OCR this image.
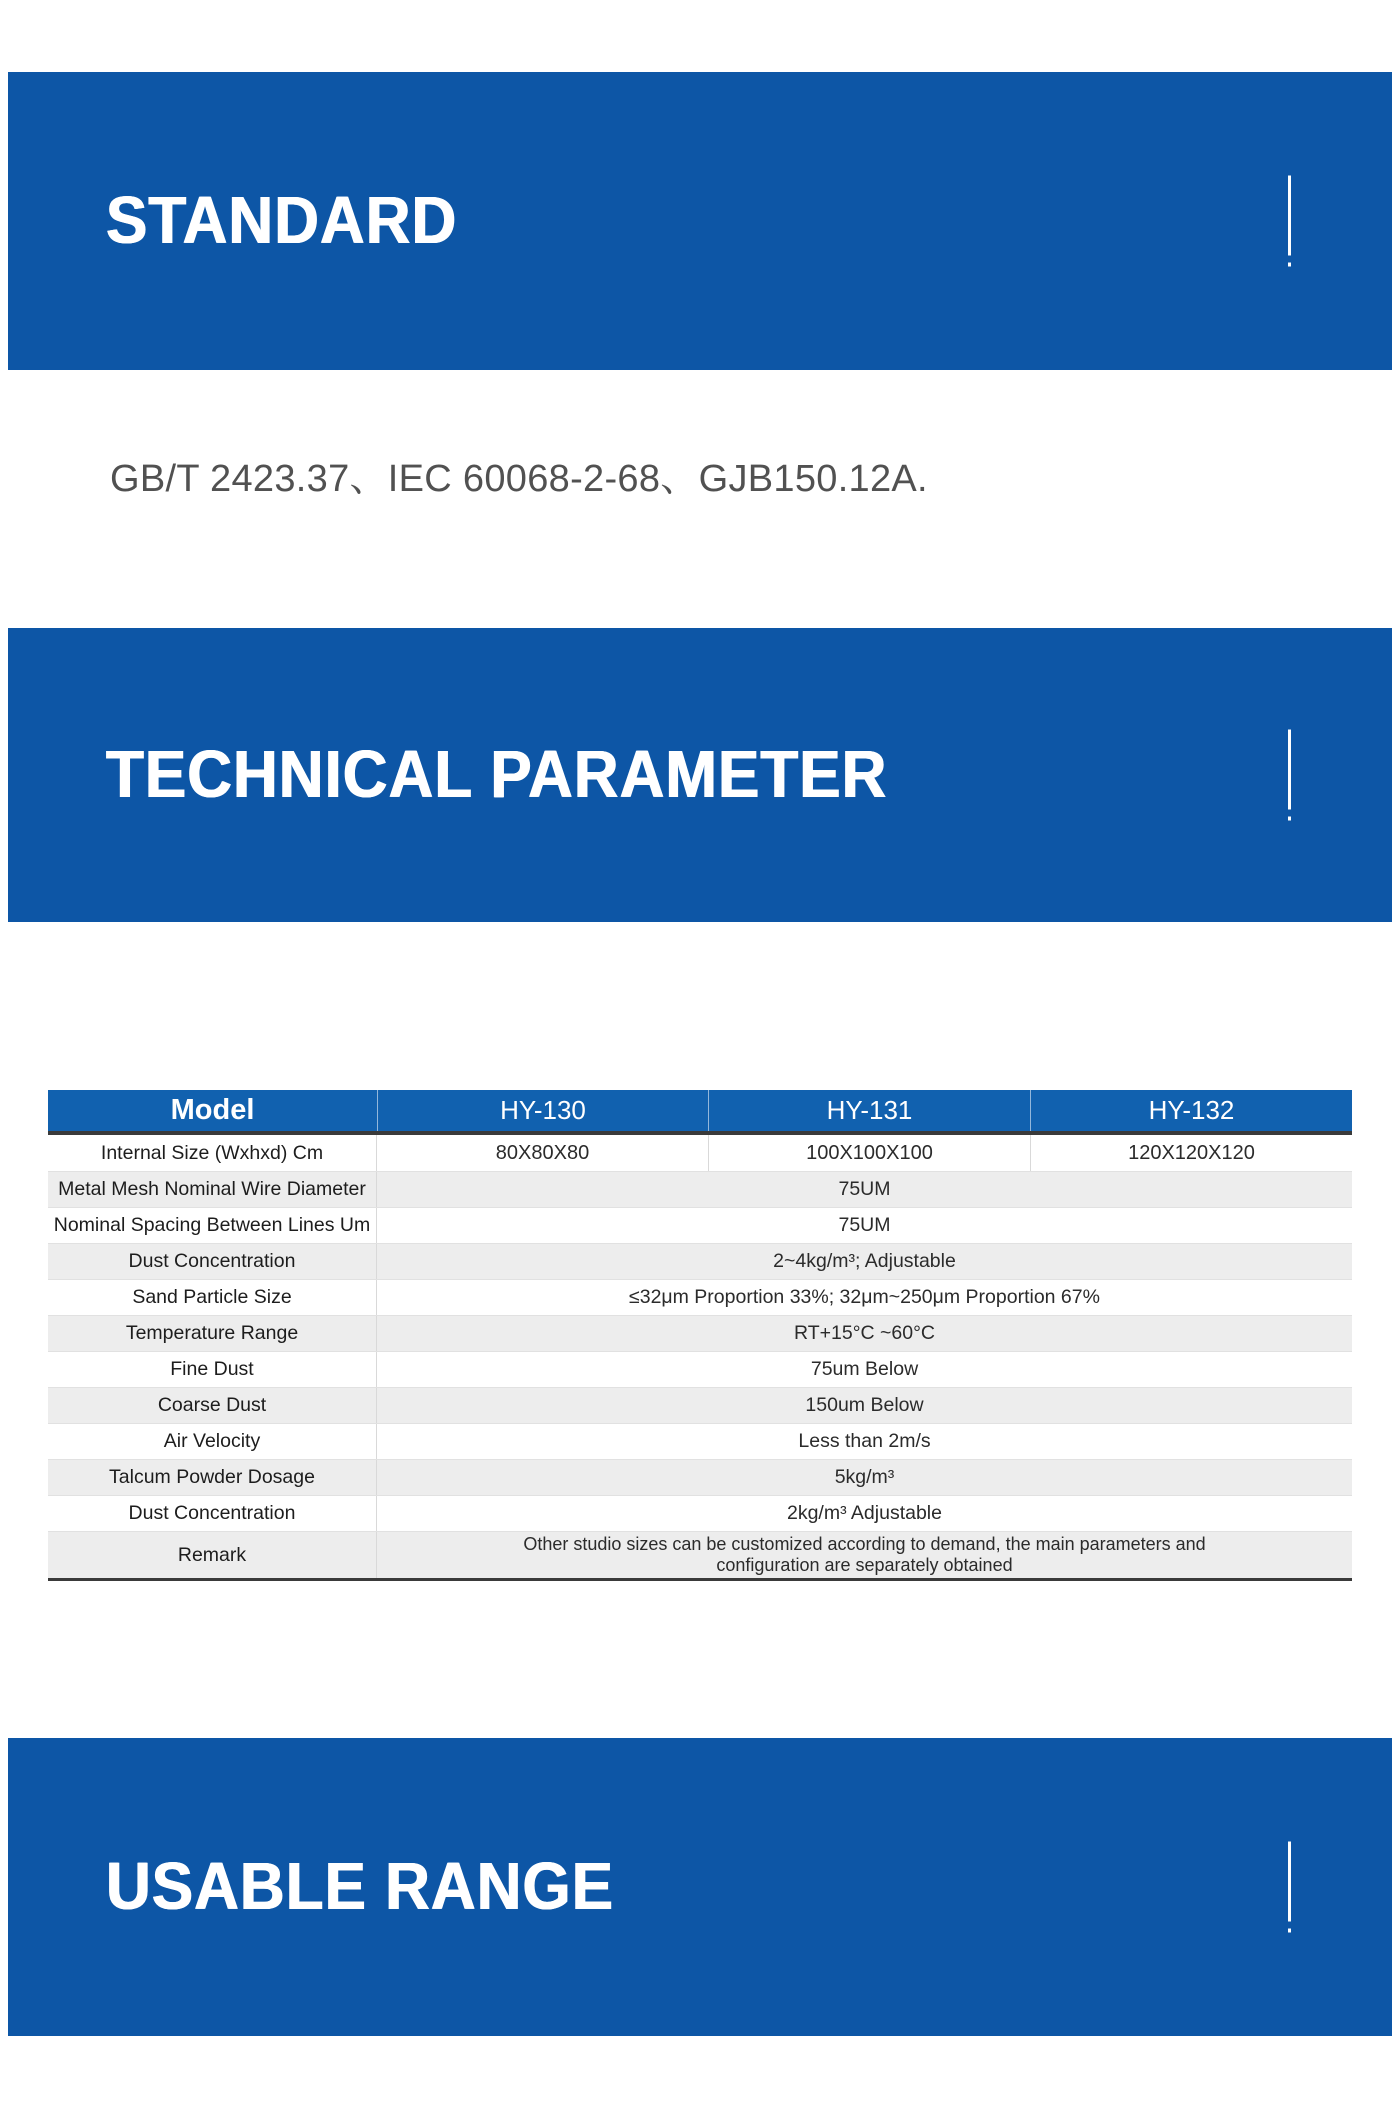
STANDARD
GB/T 2423.37、IEC 60068-2-68、GJB150.12A.
TECHNICAL PARAMETER
Model	HY-130	HY-131	HY-132
Internal Size (Wxhxd) Cm	80X80X80	100X100X100	120X120X120
Metal Mesh Nominal Wire Diameter	75UM
Nominal Spacing Between Lines Um	75UM
Dust Concentration	2~4kg/m³; Adjustable
Sand Particle Size	≤32μm Proportion 33%; 32μm~250μm Proportion 67%
Temperature Range	RT+15°C ~60°C
Fine Dust	75um Below
Coarse Dust	150um Below
Air Velocity	Less than 2m/s
Talcum Powder Dosage	5kg/m³
Dust Concentration	2kg/m³ Adjustable
Remark	Other studio sizes can be customized according to demand, the main parameters and configuration are separately obtained
USABLE RANGE
